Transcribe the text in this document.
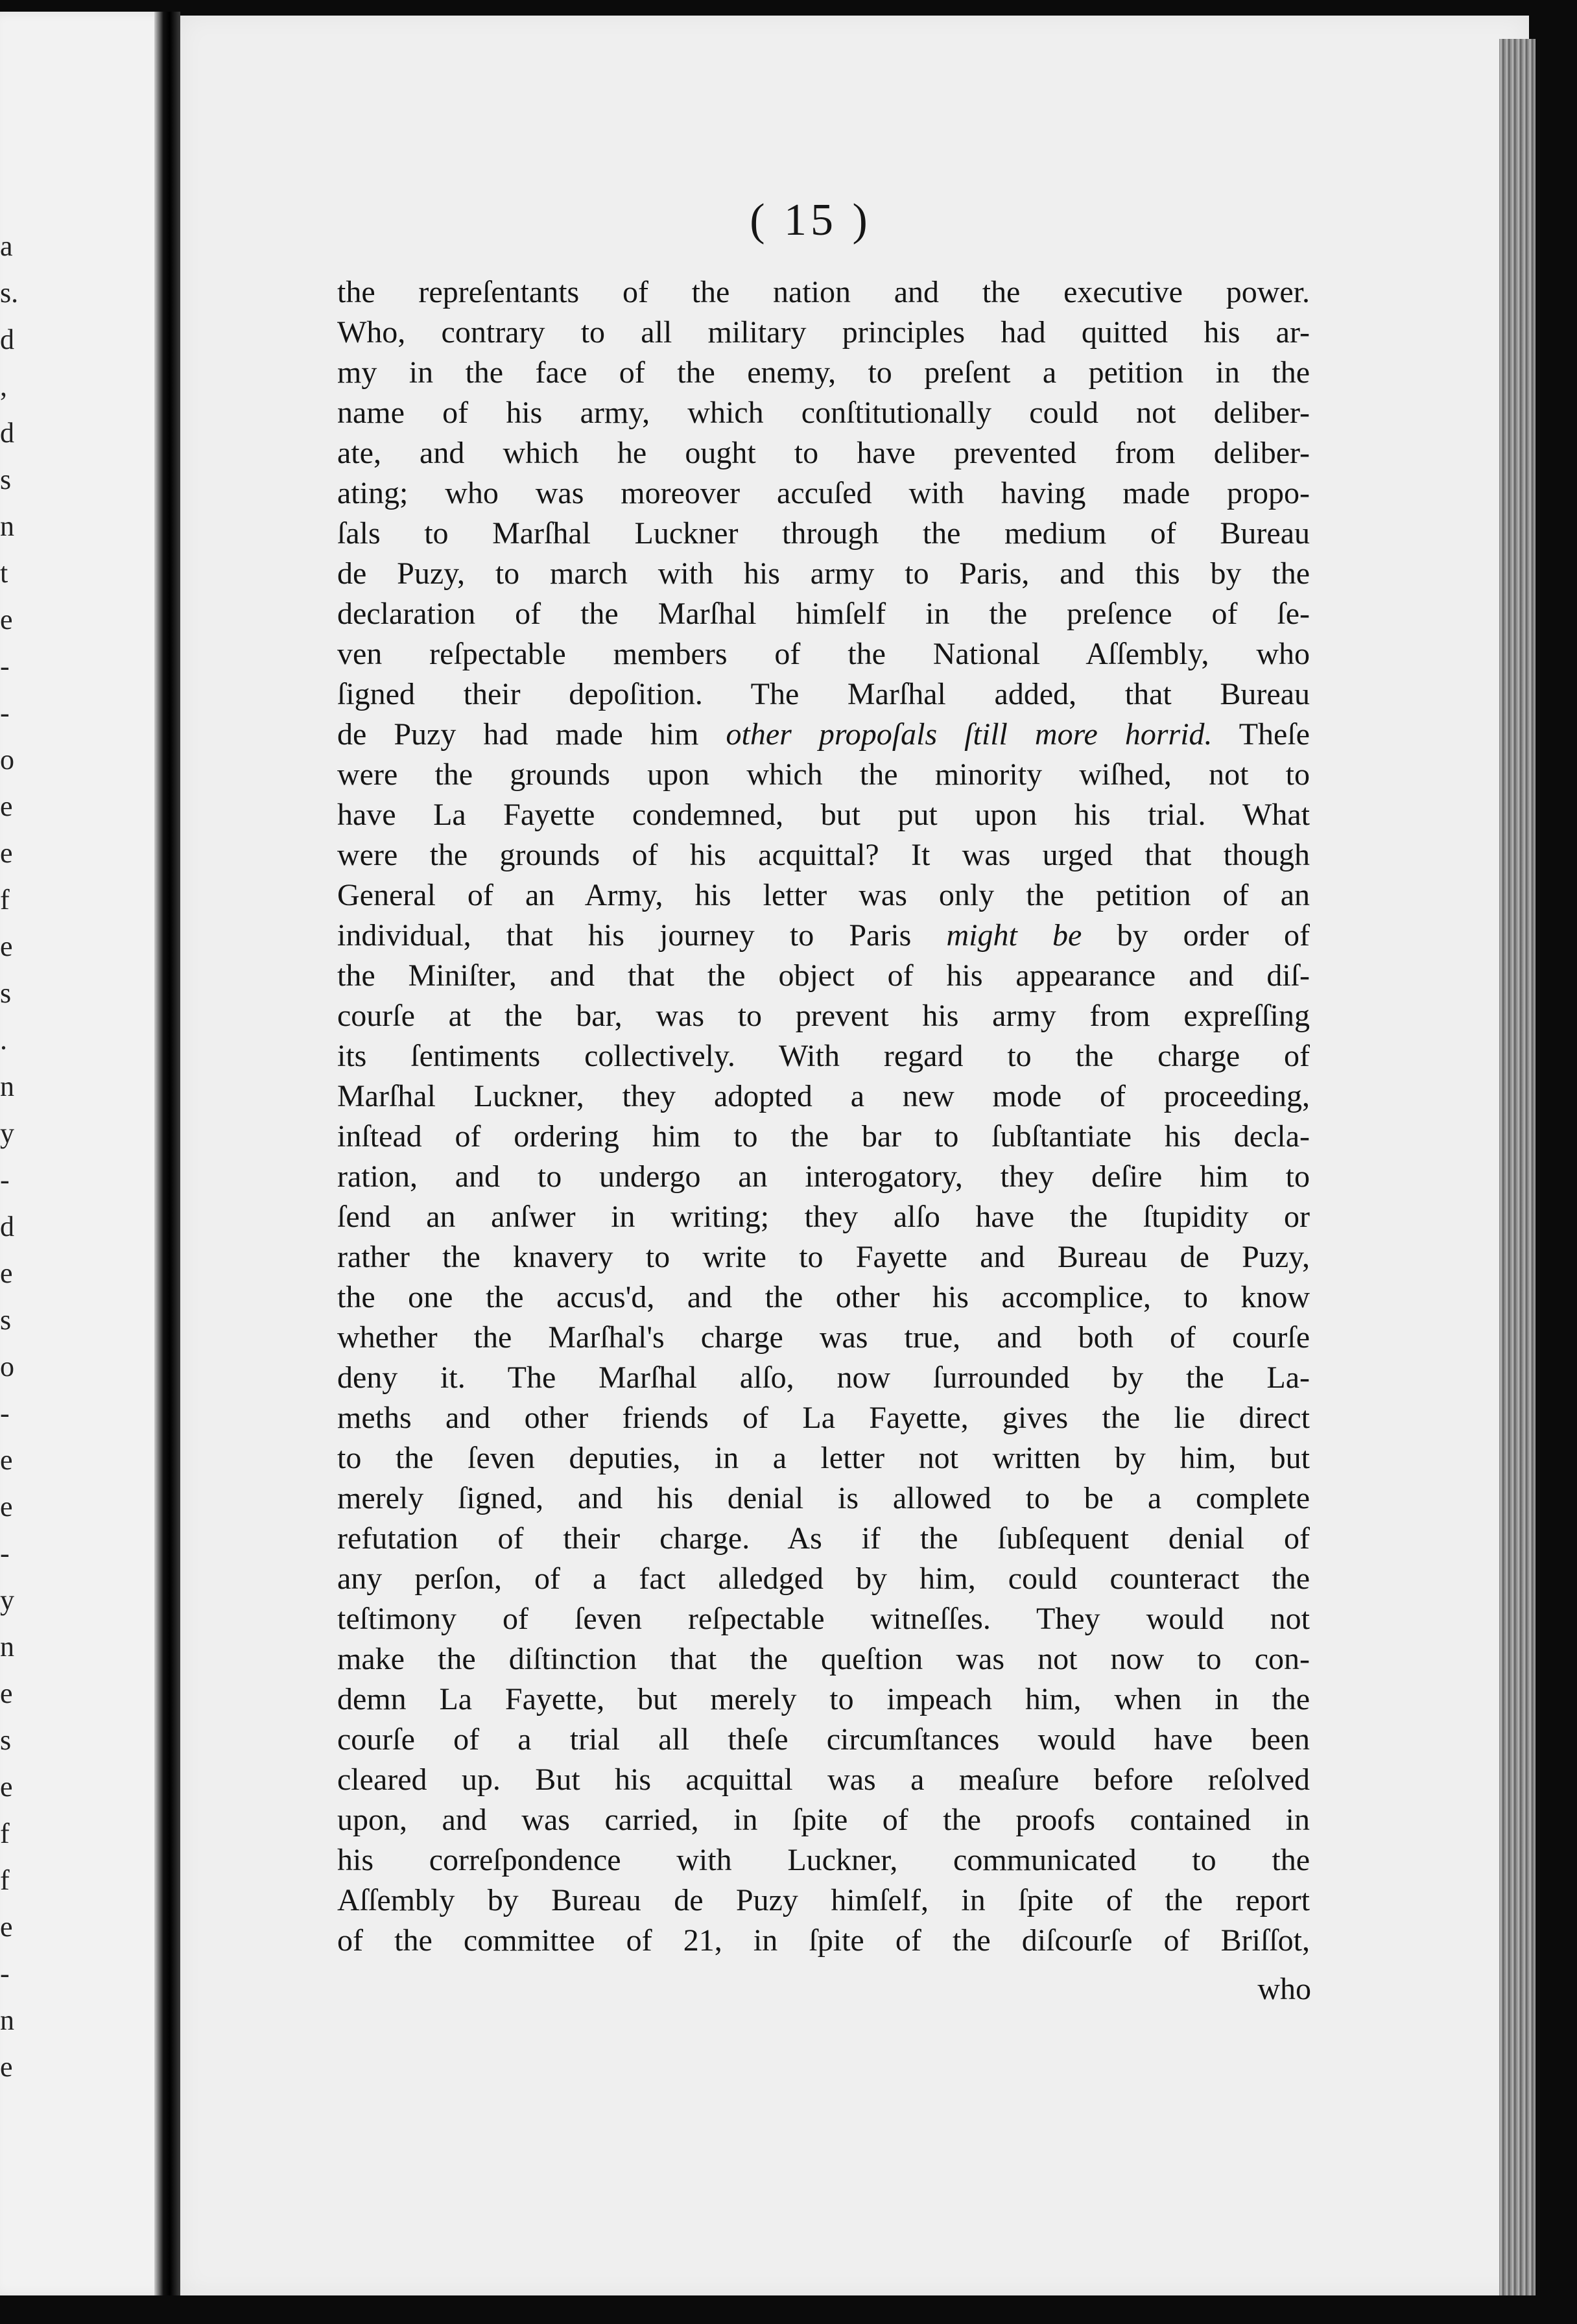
a
s.
d
,
d
s
n
t
e
-
-
o
e
e
f
e
s
.
n
y
-
d
e
s
o
-
e
e
-
y
n
e
s
e
f
f
e
-
n
e
( 15 )
the repreſentants of the nation and the executive power.
Who, contrary to all military principles had quitted his ar-
my in the face of the enemy, to preſent a petition in the
name of his army, which conſtitutionally could not deliber-
ate, and which he ought to have prevented from deliber-
ating; who was moreover accuſed with having made propo-
ſals to Marſhal Luckner through the medium of Bureau
de Puzy, to march with his army to Paris, and this by the
declaration of the Marſhal himſelf in the preſence of ſe-
ven reſpectable members of the National Aſſembly, who
ſigned their depoſition. The Marſhal added, that Bureau
de Puzy had made him other propoſals ſtill more horrid. Theſe
were the grounds upon which the minority wiſhed, not to
have La Fayette condemned, but put upon his trial. What
were the grounds of his acquittal? It was urged that though
General of an Army, his letter was only the petition of an
individual, that his journey to Paris might be by order of
the Miniſter, and that the object of his appearance and diſ-
courſe at the bar, was to prevent his army from expreſſing
its ſentiments collectively. With regard to the charge of
Marſhal Luckner, they adopted a new mode of proceeding,
inſtead of ordering him to the bar to ſubſtantiate his decla-
ration, and to undergo an interogatory, they deſire him to
ſend an anſwer in writing; they alſo have the ſtupidity or
rather the knavery to write to Fayette and Bureau de Puzy,
the one the accus'd, and the other his accomplice, to know
whether the Marſhal's charge was true, and both of courſe
deny it. The Marſhal alſo, now ſurrounded by the La-
meths and other friends of La Fayette, gives the lie direct
to the ſeven deputies, in a letter not written by him, but
merely ſigned, and his denial is allowed to be a complete
refutation of their charge. As if the ſubſequent denial of
any perſon, of a fact alledged by him, could counteract the
teſtimony of ſeven reſpectable witneſſes. They would not
make the diſtinction that the queſtion was not now to con-
demn La Fayette, but merely to impeach him, when in the
courſe of a trial all theſe circumſtances would have been
cleared up. But his acquittal was a meaſure before reſolved
upon, and was carried, in ſpite of the proofs contained in
his correſpondence with Luckner, communicated to the
Aſſembly by Bureau de Puzy himſelf, in ſpite of the report
of the committee of 21, in ſpite of the diſcourſe of Briſſot,
who
